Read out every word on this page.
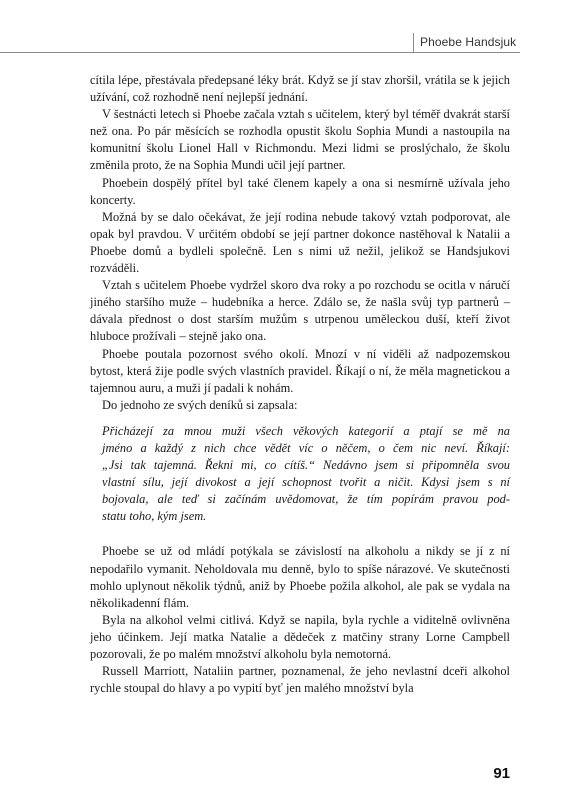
Phoebe Handsjuk

cítila lépe, přestávala předepsané léky brát. Když se jí stav zhoršil, vrátila se k jejich užívání, což rozhodně není nejlepší jednání.

V šestnácti letech si Phoebe začala vztah s učitelem, který byl téměř dvakrát starší než ona. Po pár měsících se rozhodla opustit školu Sophia Mundi a nastoupila na komunitní školu Lionel Hall v Richmondu. Mezi lidmi se proslýchalo, že školu změnila proto, že na Sophia Mundi učil její partner.

Phoebein dospělý přítel byl také členem kapely a ona si nesmírně užívala jeho koncerty.

Možná by se dalo očekávat, že její rodina nebude takový vztah podporovat, ale opak byl pravdou. V určitém období se její partner dokonce nastěhoval k Natalii a Phoebe domů a bydleli společně. Len s nimi už nežil, jelikož se Handsjukovi rozváděli.

Vztah s učitelem Phoebe vydržel skoro dva roky a po rozchodu se ocitla v náručí jiného staršího muže – hudebníka a herce. Zdálo se, že našla svůj typ partnerů – dávala přednost o dost starším mužům s utrpenou uměleckou duší, kteří život hluboce prožívali – stejně jako ona.

Phoebe poutala pozornost svého okolí. Mnozí v ní viděli až nadpozemskou bytost, která žije podle svých vlastních pravidel. Říkají o ní, že měla magnetickou a tajemnou auru, a muži jí padali k nohám.

Do jednoho ze svých deníků si zapsala:

Přicházejí za mnou muži všech věkových kategorií a ptají se mě na
jméno a každý z nich chce vědět víc o něčem, o čem nic neví. Říkají:
„Jsi tak tajemná. Řekni mi, co cítíš.“ Nedávno jsem si připomněla svou
vlastní sílu, její divokost a její schopnost tvořit a ničit. Kdysi jsem s ní
bojovala, ale teď si začínám uvědomovat, že tím popírám pravou pod-
statu toho, kým jsem.

Phoebe se už od mládí potýkala se závislostí na alkoholu a nikdy se jí z ní nepodařilo vymanit. Neholdovala mu denně, bylo to spíše nárazové. Ve skutečnosti mohlo uplynout několik týdnů, aniž by Phoebe požila alkohol, ale pak se vydala na několikadenní flám.

Byla na alkohol velmi citlivá. Když se napila, byla rychle a viditelně ovlivněna jeho účinkem. Její matka Natalie a dědeček z matčiny strany Lorne Campbell pozorovali, že po malém množství alkoholu byla nemotorná.

Russell Marriott, Nataliin partner, poznamenal, že jeho nevlastní dceři alkohol rychle stoupal do hlavy a po vypití byť jen malého množství byla

91
